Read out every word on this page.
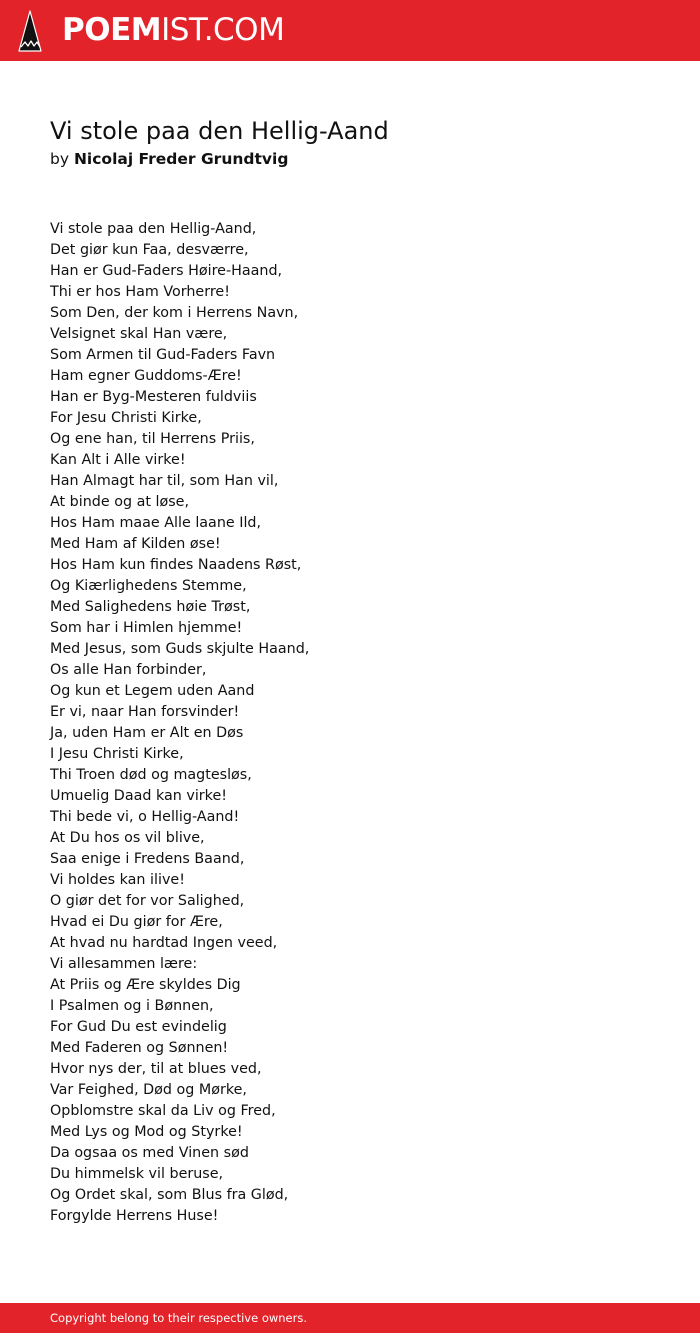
POEMIST.COM
Vi stole paa den Hellig-Aand
by Nicolaj Freder Grundtvig
Vi stole paa den Hellig-Aand,
Det giør kun Faa, desværre,
Han er Gud-Faders Høire-Haand,
Thi er hos Ham Vorherre!
Som Den, der kom i Herrens Navn,
Velsignet skal Han være,
Som Armen til Gud-Faders Favn
Ham egner Guddoms-Ære!
Han er Byg-Mesteren fuldviis
For Jesu Christi Kirke,
Og ene han, til Herrens Priis,
Kan Alt i Alle virke!
Han Almagt har til, som Han vil,
At binde og at løse,
Hos Ham maae Alle laane Ild,
Med Ham af Kilden øse!
Hos Ham kun findes Naadens Røst,
Og Kiærlighedens Stemme,
Med Salighedens høie Trøst,
Som har i Himlen hjemme!
Med Jesus, som Guds skjulte Haand,
Os alle Han forbinder,
Og kun et Legem uden Aand
Er vi, naar Han forsvinder!
Ja, uden Ham er Alt en Døs
I Jesu Christi Kirke,
Thi Troen død og magtesløs,
Umuelig Daad kan virke!
Thi bede vi, o Hellig-Aand!
At Du hos os vil blive,
Saa enige i Fredens Baand,
Vi holdes kan ilive!
O giør det for vor Salighed,
Hvad ei Du giør for Ære,
At hvad nu hardtad Ingen veed,
Vi allesammen lære:
At Priis og Ære skyldes Dig
I Psalmen og i Bønnen,
For Gud Du est evindelig
Med Faderen og Sønnen!
Hvor nys der, til at blues ved,
Var Feighed, Død og Mørke,
Opblomstre skal da Liv og Fred,
Med Lys og Mod og Styrke!
Da ogsaa os med Vinen sød
Du himmelsk vil beruse,
Og Ordet skal, som Blus fra Glød,
Forgylde Herrens Huse!
Copyright belong to their respective owners.
